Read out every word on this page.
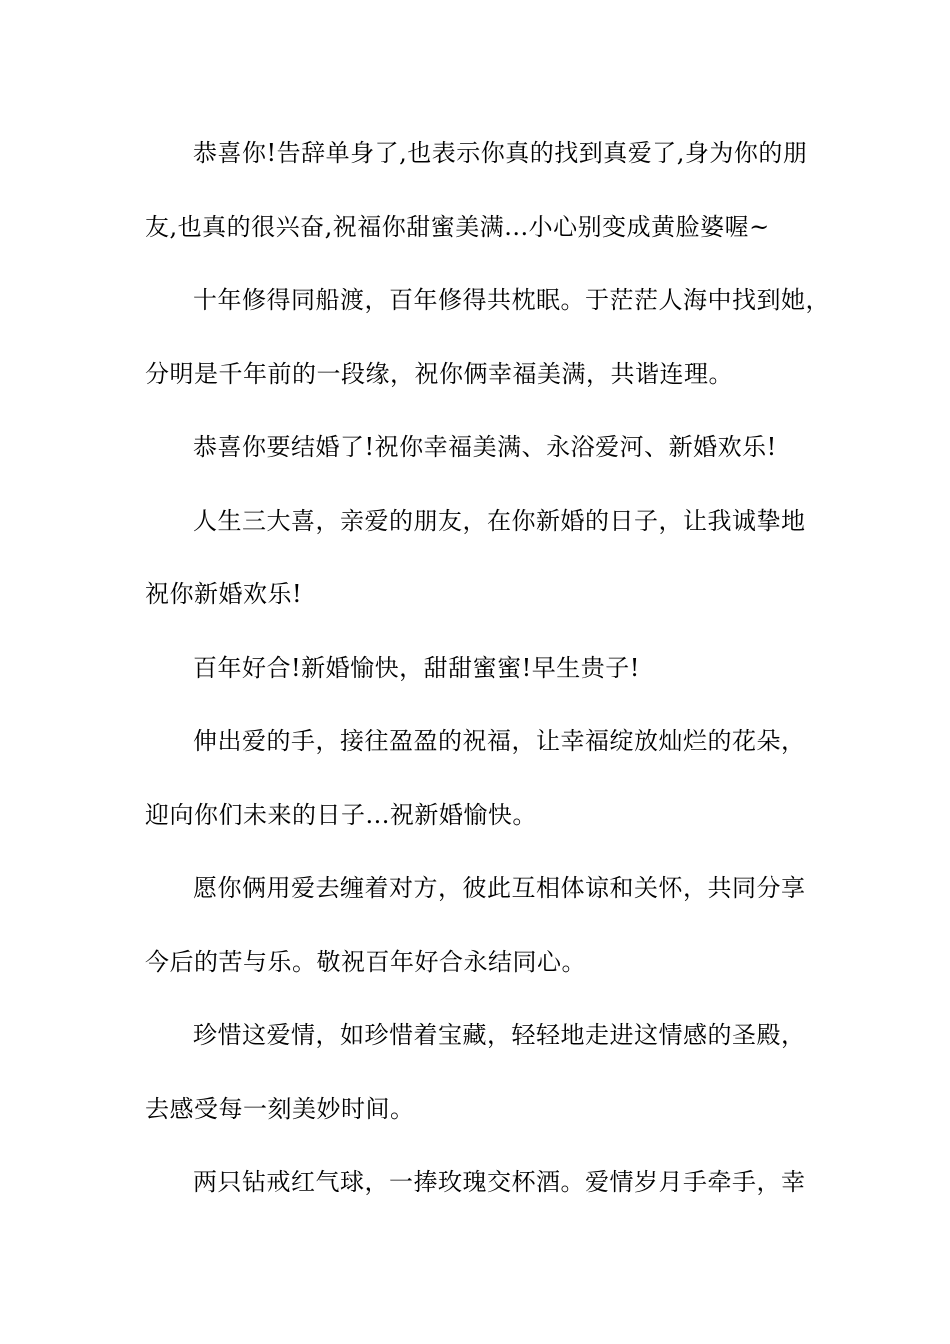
恭喜你!告辞单身了,也表示你真的找到真爱了,身为你的朋
友,也真的很兴奋,祝福你甜蜜美满...小心别变成黄脸婆喔~
十年修得同船渡，百年修得共枕眠。于茫茫人海中找到她，
分明是千年前的一段缘，祝你俩幸福美满，共谐连理。
恭喜你要结婚了!祝你幸福美满、永浴爱河、新婚欢乐!
人生三大喜，亲爱的朋友，在你新婚的日子，让我诚挚地
祝你新婚欢乐!
百年好合!新婚愉快，甜甜蜜蜜!早生贵子!
伸出爱的手，接往盈盈的祝福，让幸福绽放灿烂的花朵，
迎向你们未来的日子...祝新婚愉快。
愿你俩用爱去缠着对方，彼此互相体谅和关怀，共同分享
今后的苦与乐。敬祝百年好合永结同心。
珍惜这爱情，如珍惜着宝藏，轻轻地走进这情感的圣殿，
去感受每一刻美妙时间。
两只钻戒红气球，一捧玫瑰交杯酒。爱情岁月手牵手，幸
